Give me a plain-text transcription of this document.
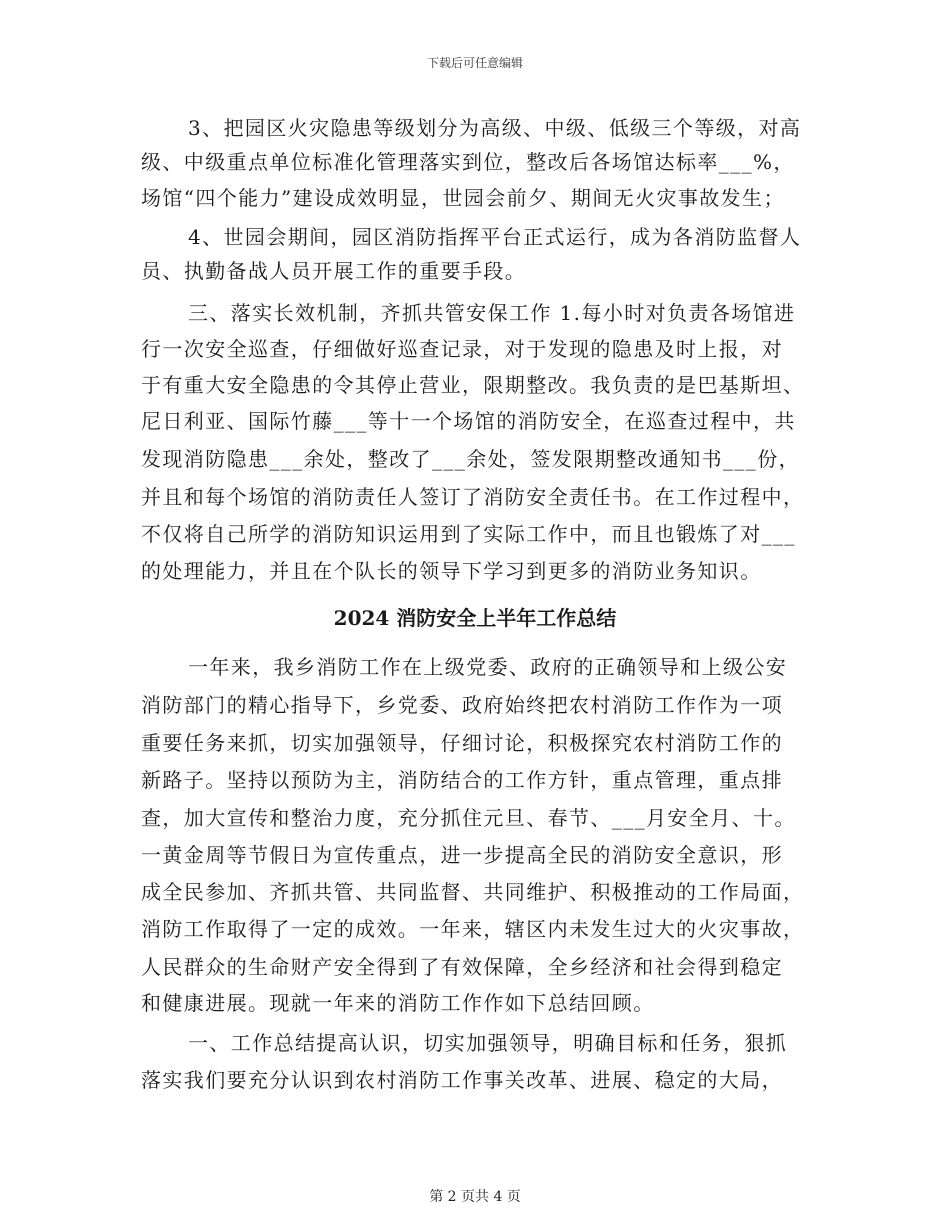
下载后可任意编辑
3、把园区火灾隐患等级划分为高级、中级、低级三个等级，对高
级、中级重点单位标准化管理落实到位，整改后各场馆达标率___%，
场馆“四个能力”建设成效明显，世园会前夕、期间无火灾事故发生；
4、世园会期间，园区消防指挥平台正式运行，成为各消防监督人
员、执勤备战人员开展工作的重要手段。
三、落实长效机制，齐抓共管安保工作 1.每小时对负责各场馆进
行一次安全巡查，仔细做好巡查记录，对于发现的隐患及时上报，对
于有重大安全隐患的令其停止营业，限期整改。我负责的是巴基斯坦、
尼日利亚、国际竹藤___等十一个场馆的消防安全，在巡查过程中，共
发现消防隐患___余处，整改了___余处，签发限期整改通知书___份，
并且和每个场馆的消防责任人签订了消防安全责任书。在工作过程中，
不仅将自己所学的消防知识运用到了实际工作中，而且也锻炼了对___
的处理能力，并且在个队长的领导下学习到更多的消防业务知识。
2024 消防安全上半年工作总结
一年来，我乡消防工作在上级党委、政府的正确领导和上级公安
消防部门的精心指导下，乡党委、政府始终把农村消防工作作为一项
重要任务来抓，切实加强领导，仔细讨论，积极探究农村消防工作的
新路子。坚持以预防为主，消防结合的工作方针，重点管理，重点排
查，加大宣传和整治力度，充分抓住元旦、春节、___月安全月、十。
一黄金周等节假日为宣传重点，进一步提高全民的消防安全意识，形
成全民参加、齐抓共管、共同监督、共同维护、积极推动的工作局面，
消防工作取得了一定的成效。一年来，辖区内未发生过大的火灾事故，
人民群众的生命财产安全得到了有效保障，全乡经济和社会得到稳定
和健康进展。现就一年来的消防工作作如下总结回顾。
一、工作总结提高认识，切实加强领导，明确目标和任务，狠抓
落实我们要充分认识到农村消防工作事关改革、进展、稳定的大局，
第 2 页共 4 页
